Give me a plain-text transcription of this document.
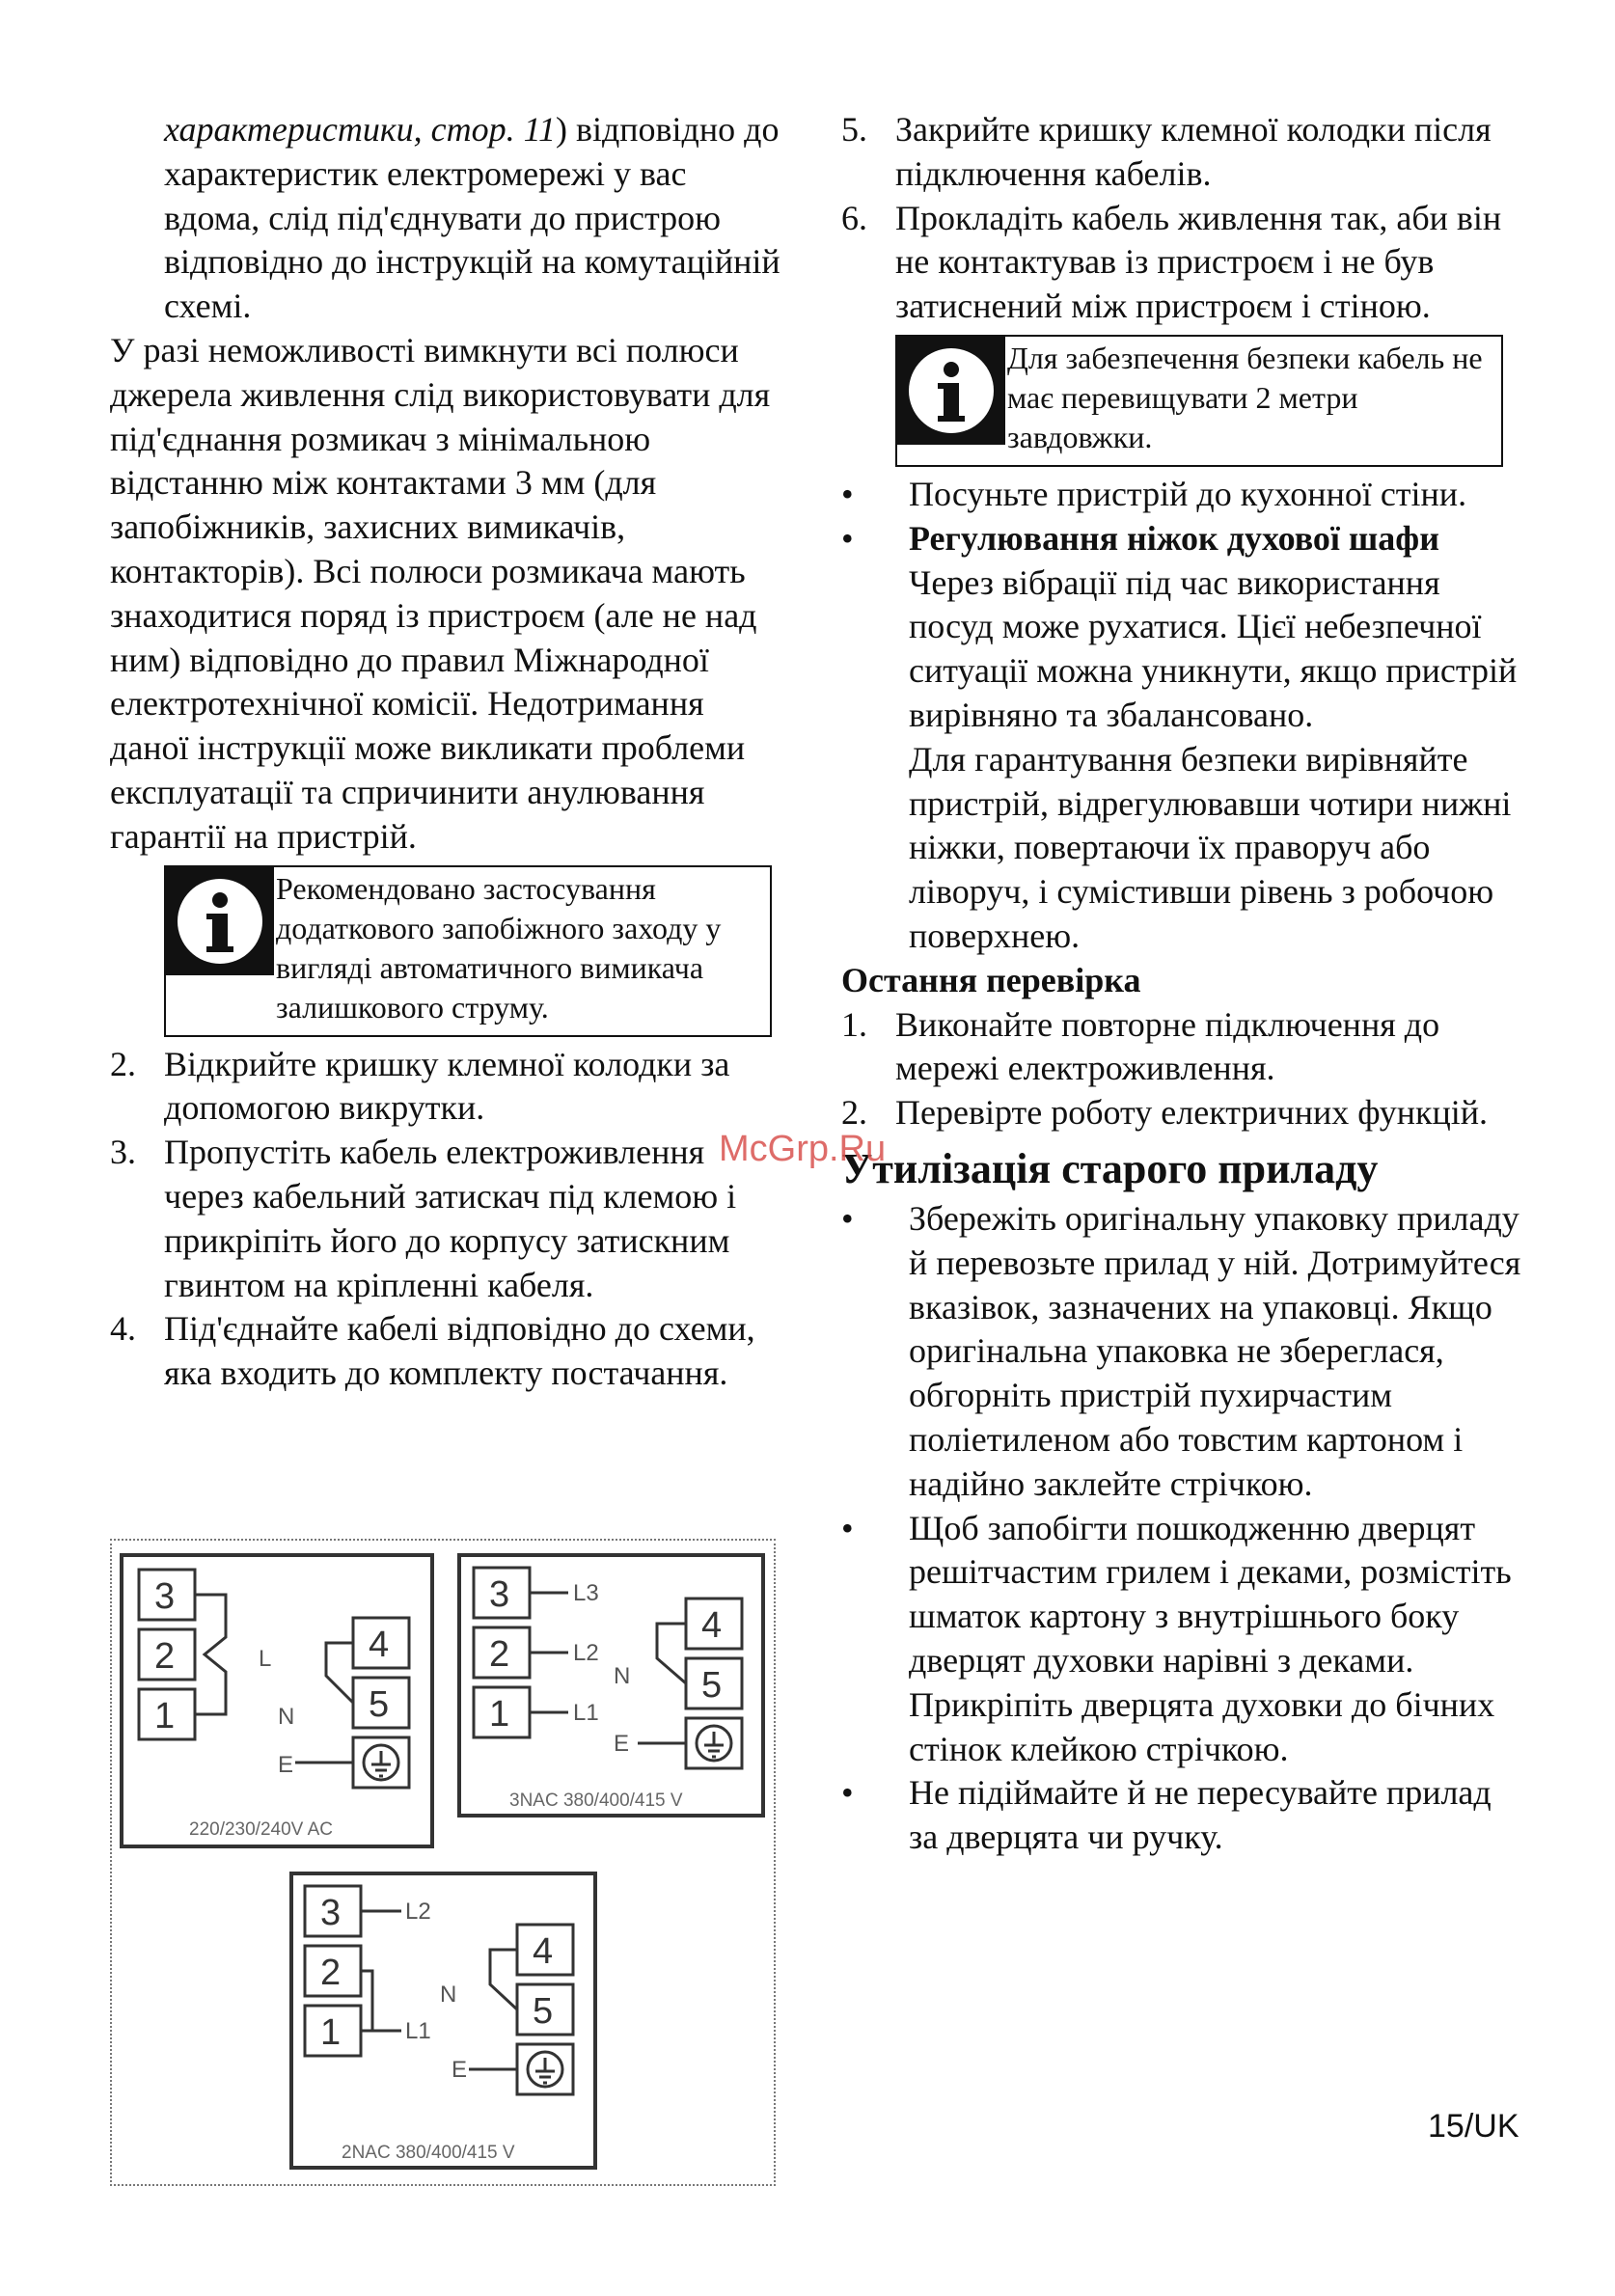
характеристики, стор. 11) відповідно до характеристик електромережі у вас вдома, слід під'єднувати до пристрою відповідно до інструкцій на комутаційній схемі.

У разі неможливості вимкнути всі полюси джерела живлення слід використовувати для під'єднання розмикач з мінімальною відстанню між контактами 3 мм (для запобіжників, захисних вимикачів, контакторів). Всі полюси розмикача мають знаходитися поряд із пристроєм (але не над ним) відповідно до правил Міжнародної електротехнічної комісії. Недотримання даної інструкції може викликати проблеми експлуатації та спричинити анулювання гарантії на пристрій.

Рекомендовано застосування додаткового запобіжного заходу у вигляді автоматичного вимикача залишкового струму.
2. Відкрийте кришку клемної колодки за допомогою викрутки.
3. Пропустіть кабель електроживлення через кабельний затискач під клемою і прикріпіть його до корпусу затискним гвинтом на кріпленні кабеля.
4. Під'єднайте кабелі відповідно до схеми, яка входить до комплекту постачання.
3
2
1
4
5
L
N
E
220/230/240V AC
3
2
1
4
5
L3
L2
L1
N
E
3NAC 380/400/415 V
3
2
1
4
5
L2
L1
N
E
2NAC 380/400/415 V
5. Закрийте кришку клемної колодки після підключення кабелів.
6. Прокладіть кабель живлення так, аби він не контактував із пристроєм і не був затиснений між пристроєм і стіною.
Для забезпечення безпеки кабель не має перевищувати 2 метри завдовжки.
• Посуньте пристрій до кухонної стіни.
• Регулювання ніжок духової шафи
Через вібрації під час використання посуд може рухатися. Цієї небезпечної ситуації можна уникнути, якщо пристрій вирівняно та збалансовано.
Для гарантування безпеки вирівняйте пристрій, відрегулювавши чотири нижні ніжки, повертаючи їх праворуч або ліворуч, і сумістивши рівень з робочою поверхнею.
Остання перевірка
1. Виконайте повторне підключення до мережі електроживлення.
2. Перевірте роботу електричних функцій.
Утилізація старого приладу
• Збережіть оригінальну упаковку приладу й перевозьте прилад у ній. Дотримуйтеся вказівок, зазначених на упаковці. Якщо оригінальна упаковка не збереглася, обгорніть пристрій пухирчастим поліетиленом або товстим картоном і надійно заклейте стрічкою.
• Щоб запобігти пошкодженню дверцят решітчастим грилем і деками, розмістіть шматок картону з внутрішнього боку дверцят духовки нарівні з деками. Прикріпіть дверцята духовки до бічних стінок клейкою стрічкою.
• Не підіймайте й не пересувайте прилад за дверцята чи ручку.
McGrp.Ru
15/UK
